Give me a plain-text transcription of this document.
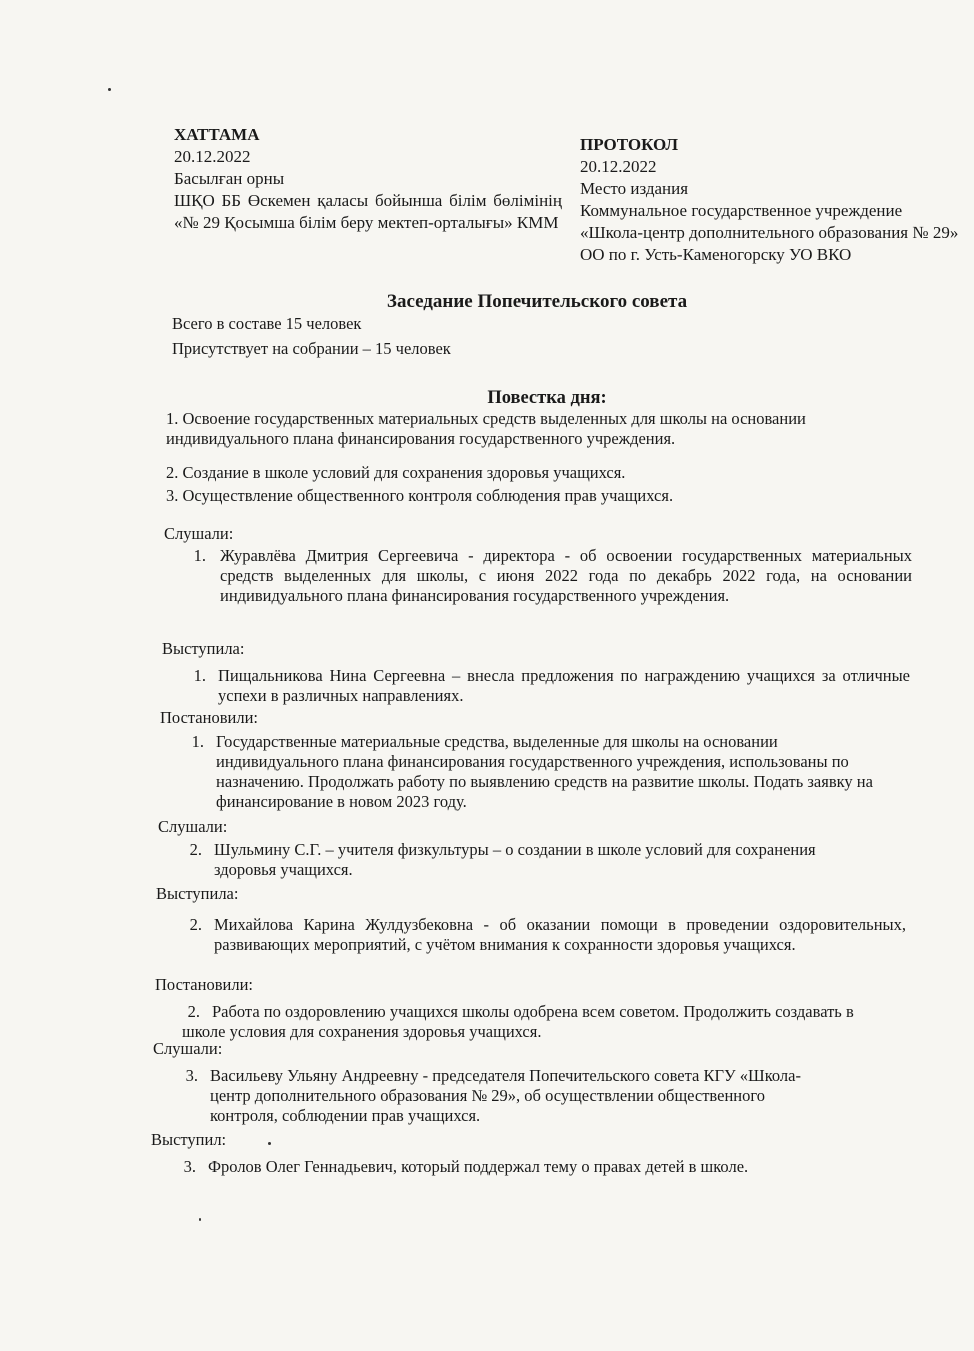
ХАТТАМА
20.12.2022
Басылған орны
ШҚО ББ Өскемен қаласы бойынша білім бөлімінің «№ 29 Қосымша білім беру мектеп-орталығы» КММ
ПРОТОКОЛ
20.12.2022
Место издания
Коммунальное государственное учреждение «Школа-центр дополнительного образования № 29» ОО по г. Усть-Каменогорску УО ВКО
Заседание Попечительского совета
Всего в составе 15 человек
Присутствует на собрании – 15 человек
Повестка дня:
1. Освоение государственных материальных средств выделенных для школы на основании индивидуального плана финансирования государственного учреждения.
2. Создание в школе условий для сохранения здоровья учащихся.
3. Осуществление общественного контроля соблюдения прав учащихся.
Слушали:
1. Журавлёва Дмитрия Сергеевича - директора - об освоении государственных материальных средств выделенных для школы, с июня 2022 года по декабрь 2022 года, на основании индивидуального плана финансирования государственного учреждения.
Выступила:
1. Пищальникова Нина Сергеевна – внесла предложения по награждению учащихся за отличные успехи в различных направлениях.
Постановили:
1. Государственные материальные средства, выделенные для школы на основании индивидуального плана финансирования государственного учреждения, использованы по назначению. Продолжать работу по выявлению средств на развитие школы. Подать заявку на финансирование в новом 2023 году.
Слушали:
2. Шульмину С.Г. – учителя физкультуры – о создании в школе условий для сохранения здоровья учащихся.
Выступила:
2. Михайлова Карина Жулдузбековна - об оказании помощи в проведении оздоровительных, развивающих мероприятий, с учётом внимания к сохранности здоровья учащихся.
Постановили:
2. Работа по оздоровлению учащихся школы одобрена всем советом. Продолжить создавать в школе условия для сохранения здоровья учащихся.
Слушали:
3. Васильеву Ульяну Андреевну - председателя Попечительского совета КГУ «Школа-центр дополнительного образования № 29», об осуществлении общественного контроля, соблюдении прав учащихся.
Выступил:
3. Фролов Олег Геннадьевич, который поддержал тему о правах детей в школе.
